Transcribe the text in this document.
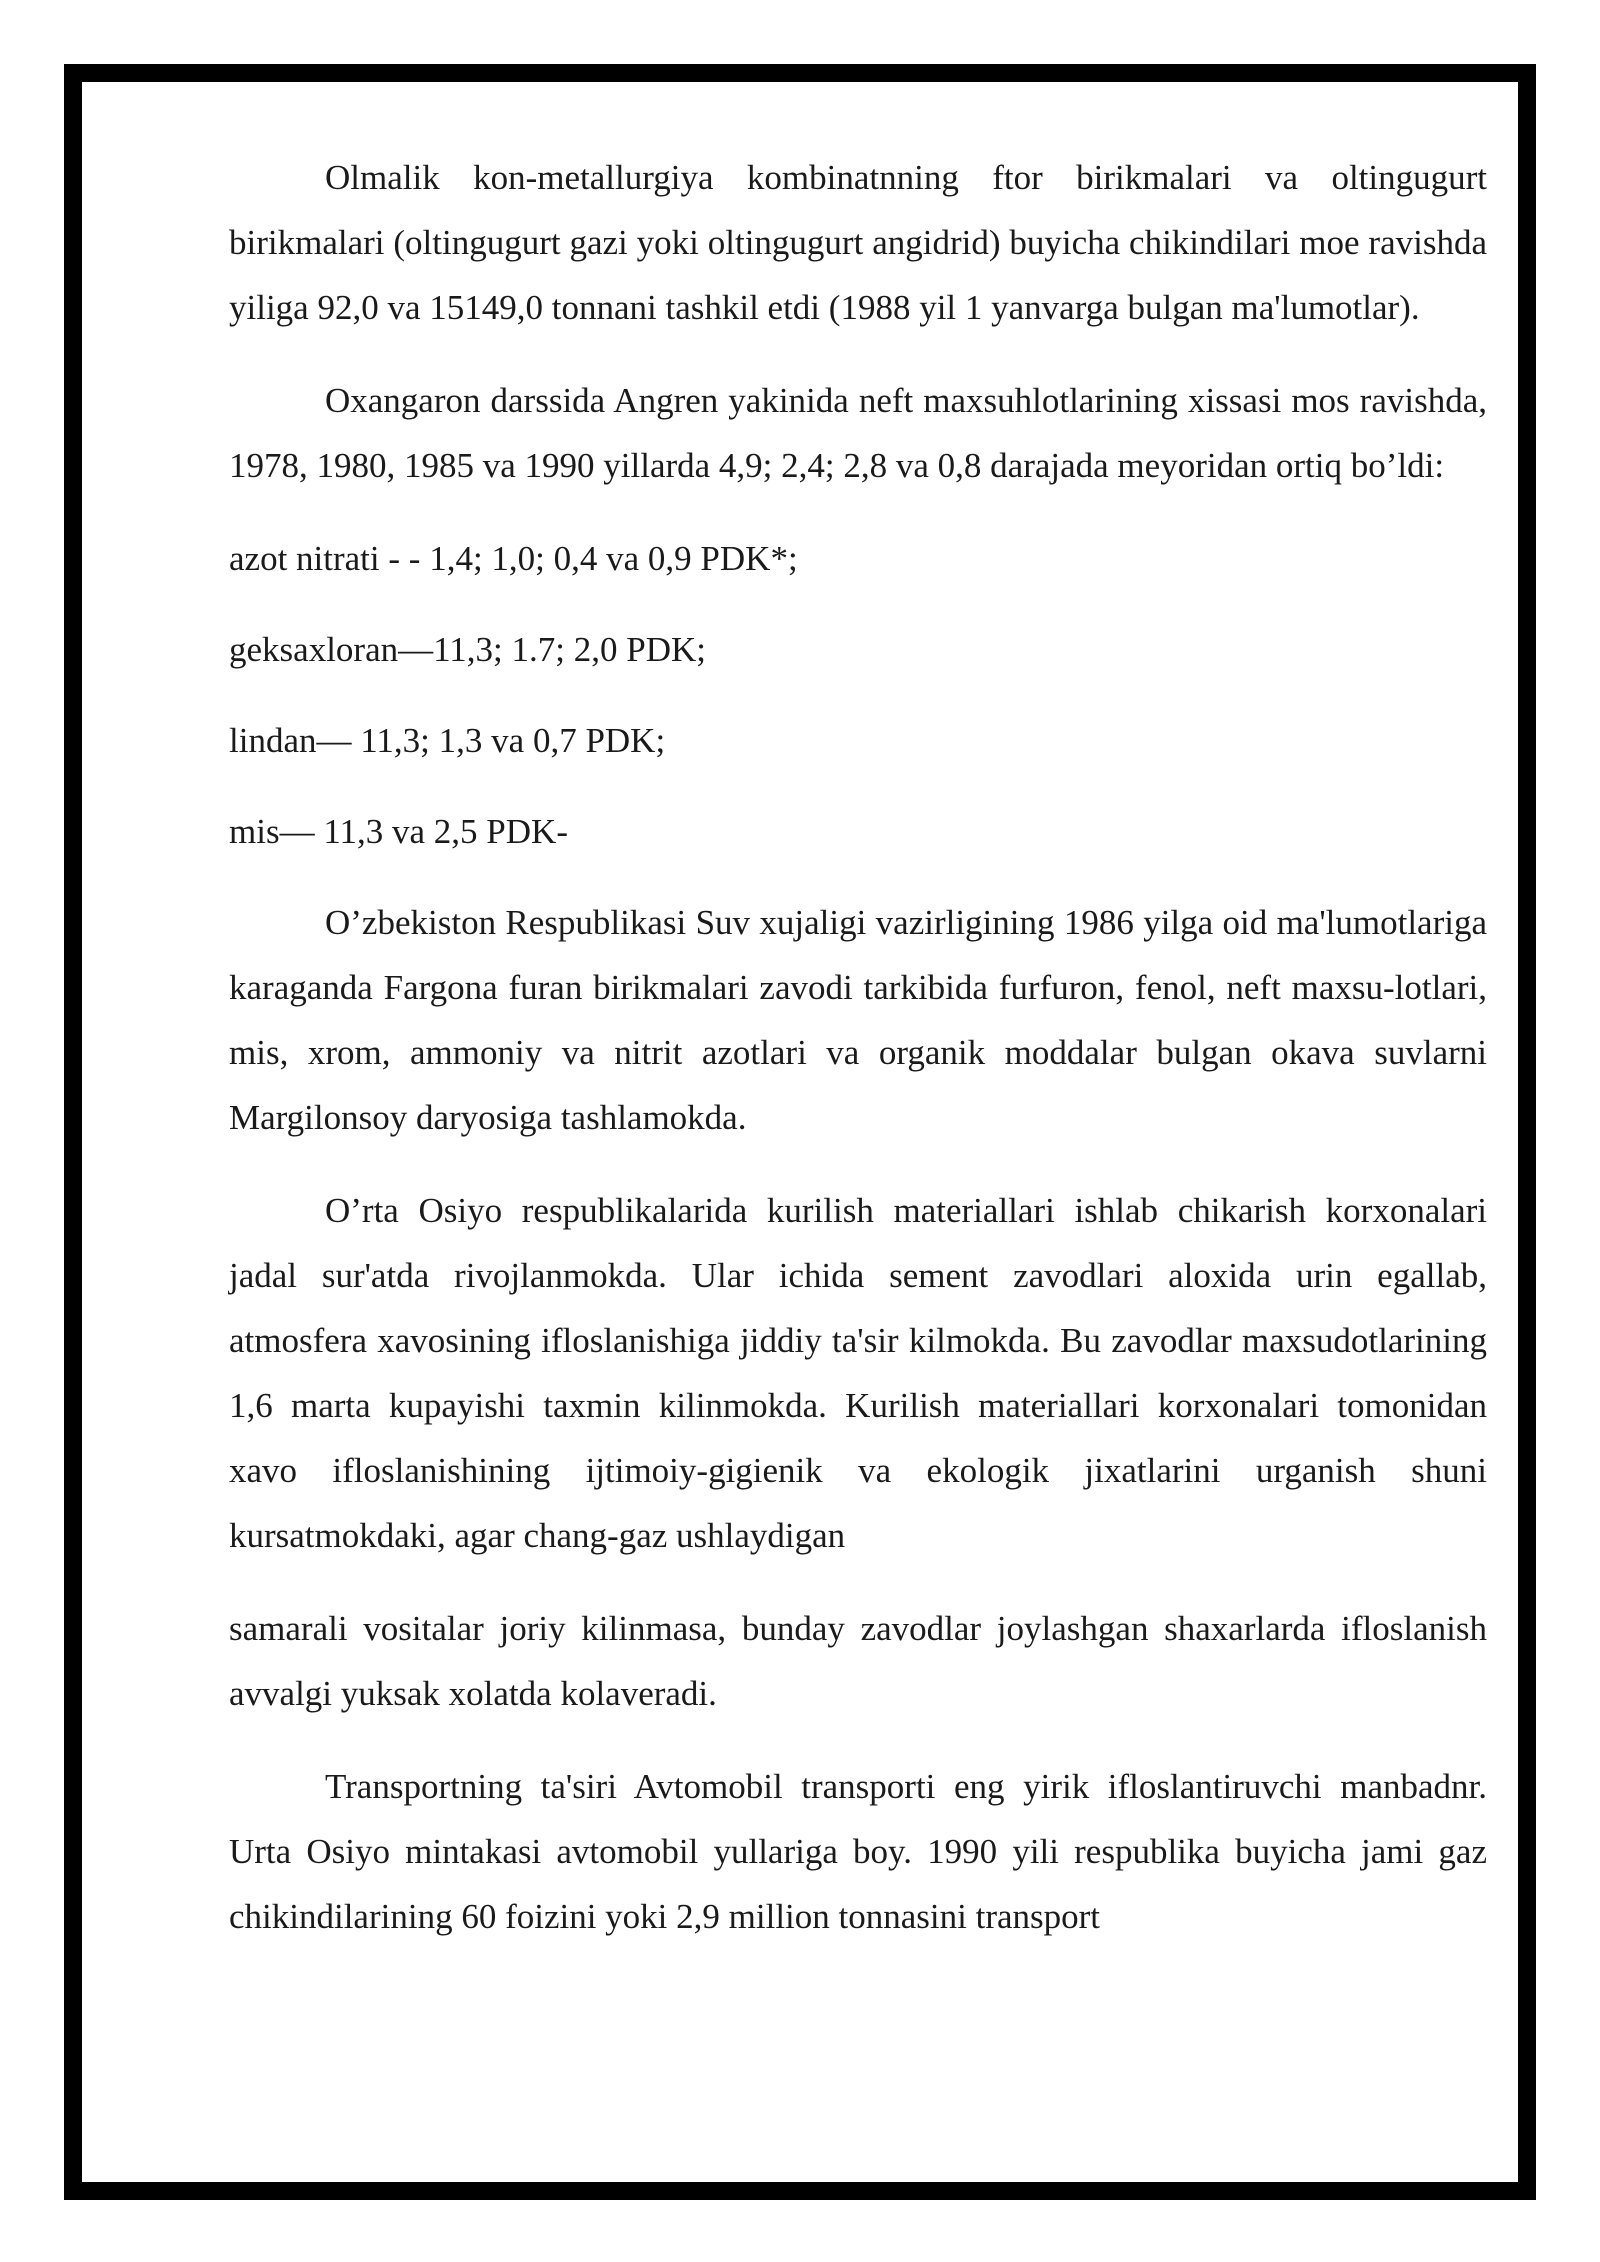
Olmalik kon-metallurgiya kombinatnning ftor birikmalari va oltingugurt birikmalari (oltingugurt gazi yoki oltingugurt angidrid) buyicha chikindilari moe ravishda yiliga 92,0 va 15149,0 tonnani tashkil etdi (1988 yil 1 yanvarga bulgan ma'lumotlar).

Oxangaron darssida Angren yakinida neft maxsuhlotlarining xissasi mos ravishda, 1978, 1980, 1985 va 1990 yillarda 4,9; 2,4; 2,8 va 0,8 darajada meyoridan ortiq bo’ldi:

azot nitrati - - 1,4; 1,0; 0,4 va 0,9 PDK*;

geksaxloran—11,3; 1.7; 2,0 PDK;

lindan— 11,3; 1,3 va 0,7 PDK;

mis— 11,3 va 2,5 PDK-

O’zbekiston Respublikasi Suv xujaligi vazirligining 1986 yilga oid ma'lumotlariga karaganda Fargona furan birikmalari zavodi tarkibida furfuron, fenol, neft maxsu-lotlari, mis, xrom, ammoniy va nitrit azotlari va organik moddalar bulgan okava suvlarni Margilonsoy daryosiga tashlamokda.

O’rta Osiyo respublikalarida kurilish materiallari ishlab chikarish korxonalari jadal sur'atda rivojlanmokda. Ular ichida sement zavodlari aloxida urin egallab, atmosfera xavosining ifloslanishiga jiddiy ta'sir kilmokda. Bu zavodlar maxsudotlarining 1,6 marta kupayishi taxmin kilinmokda. Kurilish materiallari korxonalari tomonidan xavo ifloslanishining ijtimoiy-gigienik va ekologik jixatlarini urganish shuni kursatmokdaki, agar chang-gaz ushlaydigan

samarali vositalar joriy kilinmasa, bunday zavodlar joylashgan shaxarlarda ifloslanish avvalgi yuksak xolatda kolaveradi.

Transportning ta'siri Avtomobil transporti eng yirik ifloslantiruvchi manbadnr. Urta Osiyo mintakasi avtomobil yullariga boy. 1990 yili respublika buyicha jami gaz chikindilarining 60 foizini yoki 2,9 million tonnasini transport
